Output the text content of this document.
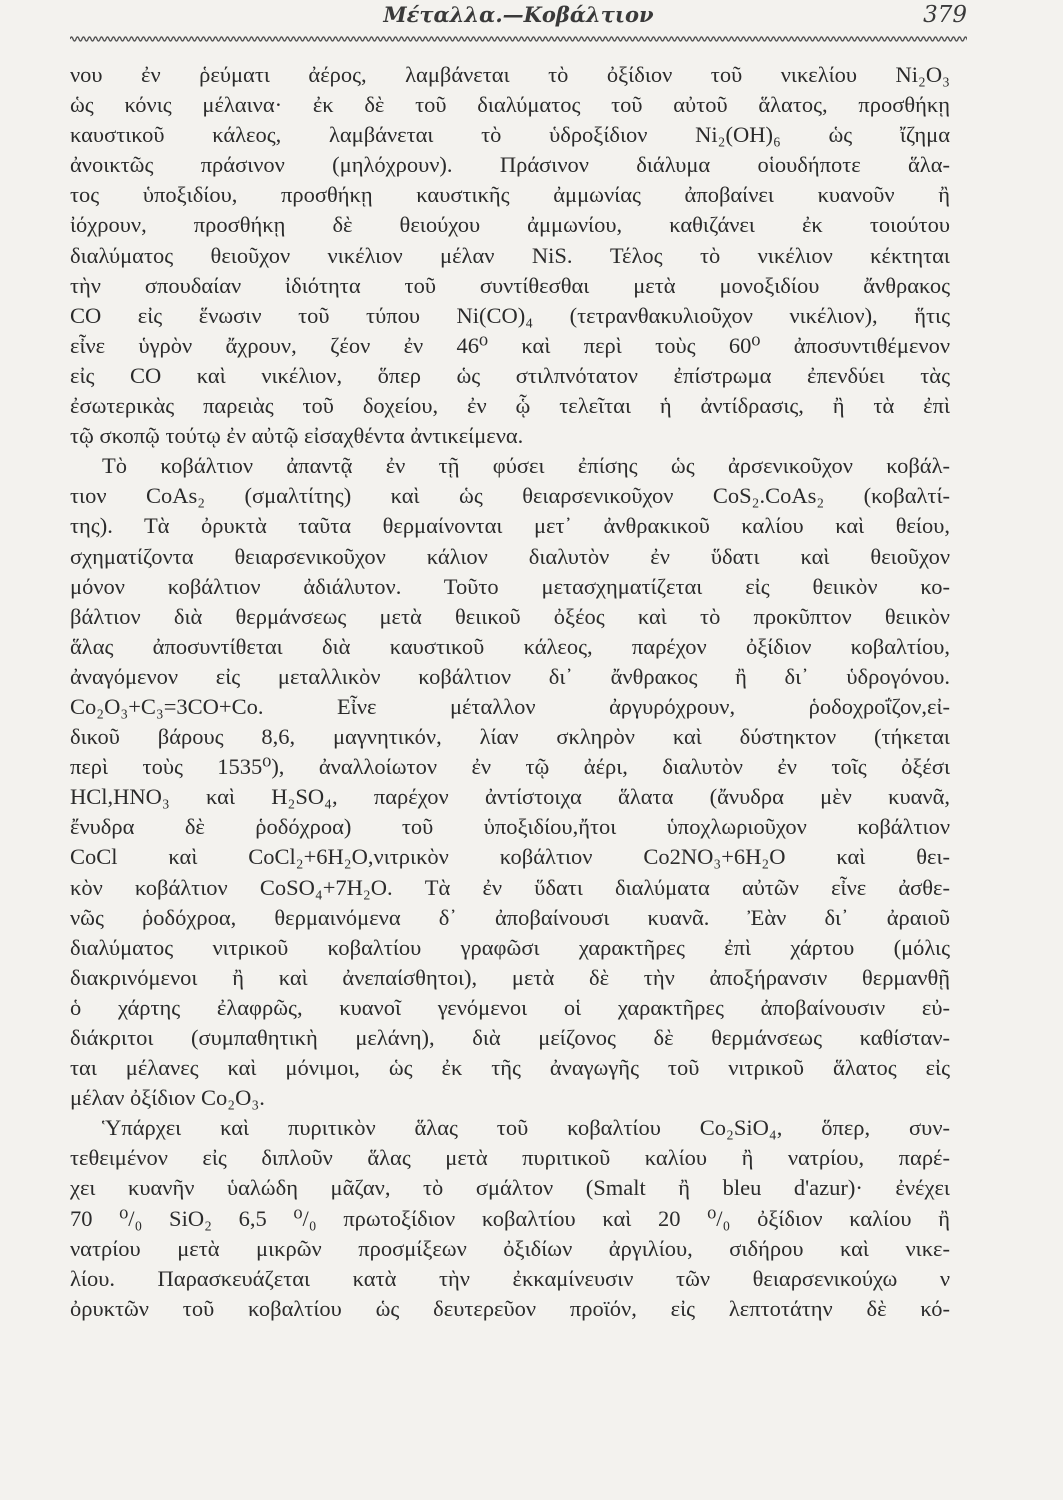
Μέταλλα.—Κοβάλτιον	379
νου ἐν ῥεύματι ἀέρος, λαμβάνεται τὸ ὀξίδιον τοῦ νικελίου Ni₂O₃
ὡς κόνις μέλαινα· ἐκ δὲ τοῦ διαλύματος τοῦ αὐτοῦ ἅλατος, προσθήκῃ
καυστικοῦ κάλεος, λαμβάνεται τὸ ὑδροξίδιον Ni₂(OH)₆ ὡς ἴζημα
ἀνοικτῶς πράσινον (μηλόχρουν). Πράσινον διάλυμα οἱουδήποτε ἅλα-
τος ὑποξιδίου, προσθήκῃ καυστικῆς ἀμμωνίας ἀποβαίνει κυανοῦν ἢ
ἰόχρουν, προσθήκῃ δὲ θειούχου ἀμμωνίου, καθιζάνει ἐκ τοιούτου
διαλύματος θειοῦχον νικέλιον μέλαν NiS. Τέλος τὸ νικέλιον κέκτηται
τὴν σπουδαίαν ἰδιότητα τοῦ συντίθεσθαι μετὰ μονοξιδίου ἄνθρακος
CO εἰς ἕνωσιν τοῦ τύπου Ni(CO)₄ (τετρανθακυλιοῦχον νικέλιον), ἥτις
εἶνε ὑγρὸν ἄχρουν, ζέον ἐν 46⁰ καὶ περὶ τοὺς 60⁰ ἀποσυντιθέμενον
εἰς CO καὶ νικέλιον, ὅπερ ὡς στιλπνότατον ἐπίστρωμα ἐπενδύει τὰς
ἐσωτερικὰς παρειὰς τοῦ δοχείου, ἐν ᾧ τελεῖται ἡ ἀντίδρασις, ἢ τὰ ἐπὶ
τῷ σκοπῷ τούτῳ ἐν αὐτῷ εἰσαχθέντα ἀντικείμενα.
Τὸ κοβάλτιον ἀπαντᾷ ἐν τῇ φύσει ἐπίσης ὡς ἀρσενικοῦχον κοβάλ-
τιον CoAs₂ (σμαλτίτης) καὶ ὡς θειαρσενικοῦχον CoS₂.CoAs₂ (κοβαλτί-
της). Τὰ ὀρυκτὰ ταῦτα θερμαίνονται μετ᾽ ἀνθρακικοῦ καλίου καὶ θείου,
σχηματίζοντα θειαρσενικοῦχον κάλιον διαλυτὸν ἐν ὕδατι καὶ θειοῦχον
μόνον κοβάλτιον ἀδιάλυτον. Τοῦτο μετασχηματίζεται εἰς θειικὸν κο-
βάλτιον διὰ θερμάνσεως μετὰ θειικοῦ ὀξέος καὶ τὸ προκῦπτον θειικὸν
ἅλας ἀποσυντίθεται διὰ καυστικοῦ κάλεος, παρέχον ὀξίδιον κοβαλτίου,
ἀναγόμενον εἰς μεταλλικὸν κοβάλτιον δι᾽ ἄνθρακος ἢ δι᾽ ὑδρογόνου.
Co₂O₃+C₃=3CO+Co. Εἶνε μέταλλον ἀργυρόχρουν, ῥοδοχροΐζον,εἰ-
δικοῦ βάρους 8,6, μαγνητικόν, λίαν σκληρὸν καὶ δύστηκτον (τήκεται
περὶ τοὺς 1535⁰), ἀναλλοίωτον ἐν τῷ ἀέρι, διαλυτὸν ἐν τοῖς ὀξέσι
HCl,HNO₃ καὶ H₂SO₄, παρέχον ἀντίστοιχα ἅλατα (ἄνυδρα μὲν κυανᾶ,
ἔνυδρα δὲ ῥοδόχροα) τοῦ ὑποξιδίου,ἤτοι ὑποχλωριοῦχον κοβάλτιον
CoCl καὶ CoCl₂+6H₂O,νιτρικὸν κοβάλτιον Co2NO₃+6H₂O καὶ θει-
κὸν κοβάλτιον CoSO₄+7H₂O. Τὰ ἐν ὕδατι διαλύματα αὐτῶν εἶνε ἀσθε-
νῶς ῥοδόχροα, θερμαινόμενα δ᾽ ἀποβαίνουσι κυανᾶ. Ἐὰν δι᾽ ἀραιοῦ
διαλύματος νιτρικοῦ κοβαλτίου γραφῶσι χαρακτῆρες ἐπὶ χάρτου (μόλις
διακρινόμενοι ἢ καὶ ἀνεπαίσθητοι), μετὰ δὲ τὴν ἀποξήρανσιν θερμανθῇ
ὁ χάρτης ἐλαφρῶς, κυανοῖ γενόμενοι οἱ χαρακτῆρες ἀποβαίνουσιν εὐ-
διάκριτοι (συμπαθητικὴ μελάνη), διὰ μείζονος δὲ θερμάνσεως καθίσταν-
ται μέλανες καὶ μόνιμοι, ὡς ἐκ τῆς ἀναγωγῆς τοῦ νιτρικοῦ ἅλατος εἰς
μέλαν ὀξίδιον Co₂O₃.
Ὑπάρχει καὶ πυριτικὸν ἅλας τοῦ κοβαλτίου Co₂SiO₄, ὅπερ, συν-
τεθειμένον εἰς διπλοῦν ἅλας μετὰ πυριτικοῦ καλίου ἢ νατρίου, παρέ-
χει κυανῆν ὑαλώδη μᾶζαν, τὸ σμάλτον (Smalt ἢ bleu d'azur)· ἐνέχει
70 ⁰/₀ SiO₂ 6,5 ⁰/₀ πρωτοξίδιον κοβαλτίου καὶ 20 ⁰/₀ ὀξίδιον καλίου ἢ
νατρίου μετὰ μικρῶν προσμίξεων ὀξιδίων ἀργιλίου, σιδήρου καὶ νικε-
λίου. Παρασκευάζεται κατὰ τὴν ἐκκαμίνευσιν τῶν θειαρσενικούχω ν
ὀρυκτῶν τοῦ κοβαλτίου ὡς δευτερεῦον προϊόν, εἰς λεπτοτάτην δὲ κό-
